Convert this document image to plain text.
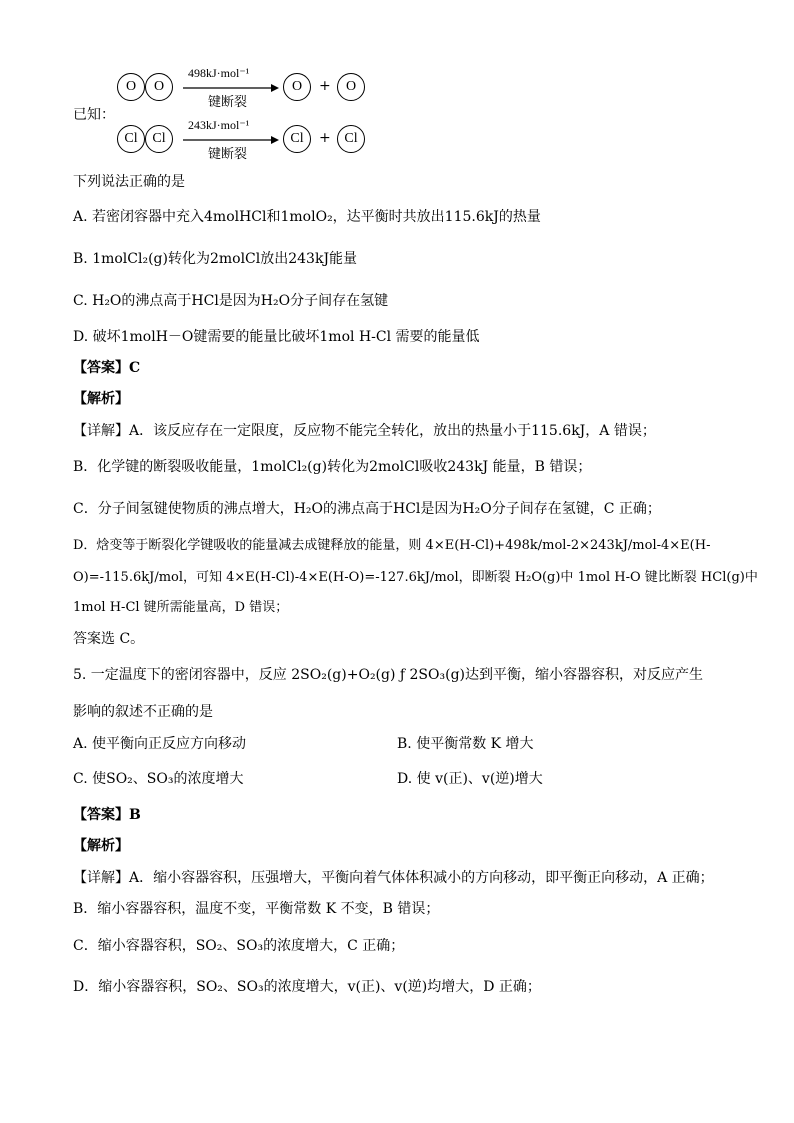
已知：
O	O
498kJ·mol⁻¹
键断裂
O	+	O
Cl	Cl
243kJ·mol⁻¹
键断裂
Cl	+ Cl
下列说法正确的是
A. 若密闭容器中充入4molHCl和1molO₂，达平衡时共放出115.6kJ的热量
B. 1molCl₂(g)转化为2molCl放出243kJ能量
C. H₂O的沸点高于HCl是因为H₂O分子间存在氢键
D. 破坏1molH－O键需要的能量比破坏1mol H-Cl 需要的能量低
【答案】C
【解析】
【详解】A．该反应存在一定限度，反应物不能完全转化，放出的热量小于115.6kJ，A 错误；
B．化学键的断裂吸收能量，1molCl₂(g)转化为2molCl吸收243kJ 能量，B 错误；
C．分子间氢键使物质的沸点增大，H₂O的沸点高于HCl是因为H₂O分子间存在氢键，C 正确；
D．焓变等于断裂化学键吸收的能量减去成键释放的能量，则 4×E(H-Cl)+498k/mol-2×243kJ/mol-4×E(H-
O)=-115.6kJ/mol，可知 4×E(H-Cl)-4×E(H-O)=-127.6kJ/mol，即断裂 H₂O(g)中 1mol H-O 键比断裂 HCl(g)中
1mol H-Cl 键所需能量高，D 错误；
答案选 C。
5. 一定温度下的密闭容器中，反应 2SO₂(g)+O₂(g) ƒ 2SO₃(g)达到平衡，缩小容器容积，对反应产生
影响的叙述不正确的是
A. 使平衡向正反应方向移动	B. 使平衡常数 K 增大
C. 使SO₂、SO₃的浓度增大	D. 使 v(正)、v(逆)增大
【答案】B
【解析】
【详解】A．缩小容器容积，压强增大，平衡向着气体体积减小的方向移动，即平衡正向移动，A 正确；
B．缩小容器容积，温度不变，平衡常数 K 不变，B 错误；
C．缩小容器容积，SO₂、SO₃的浓度增大，C 正确；
D．缩小容器容积，SO₂、SO₃的浓度增大，v(正)、v(逆)均增大，D 正确；
